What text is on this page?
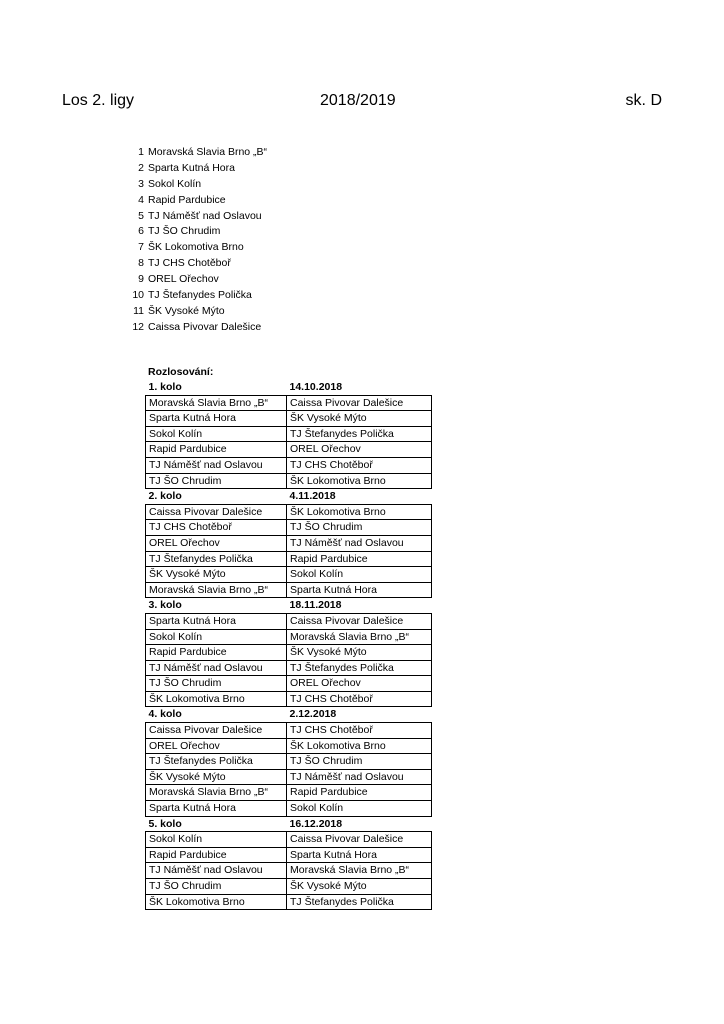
Los 2. ligy	2018/2019	sk. D
1 Moravská Slavia Brno „B“
2 Sparta Kutná Hora
3 Sokol Kolín
4 Rapid Pardubice
5 TJ Náměšť nad Oslavou
6 TJ ŠO Chrudim
7 ŠK Lokomotiva Brno
8 TJ CHS Chotěboř
9 OREL Ořechov
10 TJ Štefanydes Polička
11 ŠK Vysoké Mýto
12 Caissa Pivovar Dalešice
Rozlosování:
1. kolo	14.10.2018
Moravská Slavia Brno „B“	Caissa Pivovar Dalešice
Sparta Kutná Hora	ŠK Vysoké Mýto
Sokol Kolín	TJ Štefanydes Polička
Rapid Pardubice	OREL Ořechov
TJ Náměšť nad Oslavou	TJ CHS Chotěboř
TJ ŠO Chrudim	ŠK Lokomotiva Brno
2. kolo	4.11.2018
Caissa Pivovar Dalešice	ŠK Lokomotiva Brno
TJ CHS Chotěboř	TJ ŠO Chrudim
OREL Ořechov	TJ Náměšť nad Oslavou
TJ Štefanydes Polička	Rapid Pardubice
ŠK Vysoké Mýto	Sokol Kolín
Moravská Slavia Brno „B“	Sparta Kutná Hora
3. kolo	18.11.2018
Sparta Kutná Hora	Caissa Pivovar Dalešice
Sokol Kolín	Moravská Slavia Brno „B“
Rapid Pardubice	ŠK Vysoké Mýto
TJ Náměšť nad Oslavou	TJ Štefanydes Polička
TJ ŠO Chrudim	OREL Ořechov
ŠK Lokomotiva Brno	TJ CHS Chotěboř
4. kolo	2.12.2018
Caissa Pivovar Dalešice	TJ CHS Chotěboř
OREL Ořechov	ŠK Lokomotiva Brno
TJ Štefanydes Polička	TJ ŠO Chrudim
ŠK Vysoké Mýto	TJ Náměšť nad Oslavou
Moravská Slavia Brno „B“	Rapid Pardubice
Sparta Kutná Hora	Sokol Kolín
5. kolo	16.12.2018
Sokol Kolín	Caissa Pivovar Dalešice
Rapid Pardubice	Sparta Kutná Hora
TJ Náměšť nad Oslavou	Moravská Slavia Brno „B“
TJ ŠO Chrudim	ŠK Vysoké Mýto
ŠK Lokomotiva Brno	TJ Štefanydes Polička
